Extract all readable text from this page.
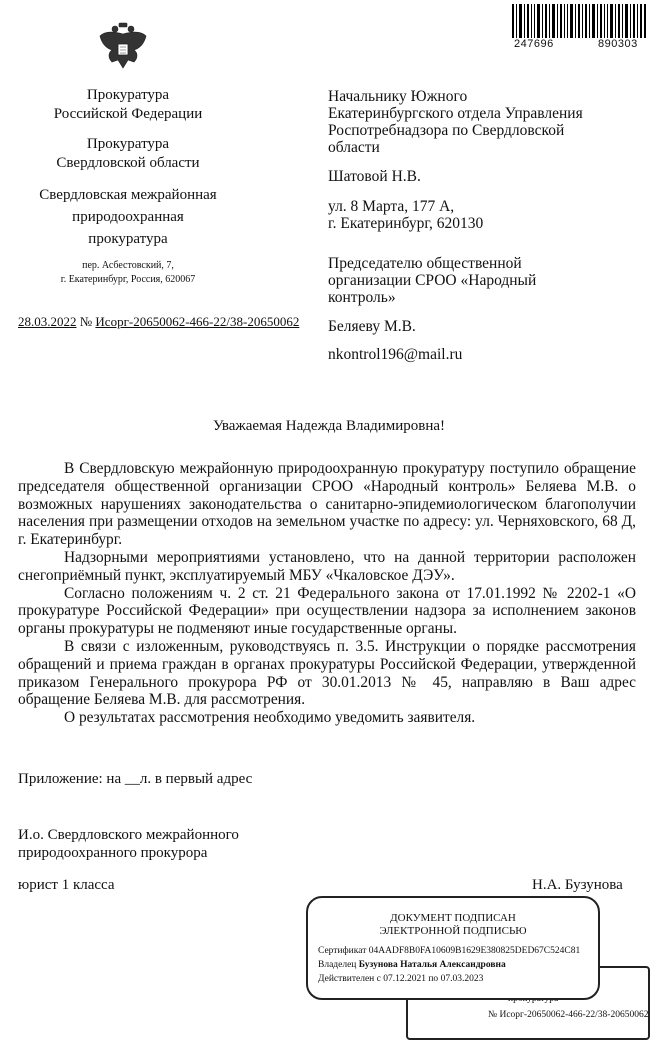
247696	890303
Прокуратура
Российской Федерации
Прокуратура
Свердловской области
Свердловская межрайонная
природоохранная
прокуратура
пер. Асбестовский, 7,
г. Екатеринбург, Россия, 620067
Начальнику Южного
Екатеринбургского отдела Управления
Роспотребнадзора по Свердловской
области
Шатовой Н.В.
ул. 8 Марта, 177 А,
г. Екатеринбург, 620130
Председателю общественной
организации СРОО «Народный
контроль»
Беляеву М.В.
nkontrol196@mail.ru
28.03.2022 № Исорг-20650062-466-22/38-20650062
Уважаемая Надежда Владимировна!

В Свердловскую межрайонную природоохранную прокуратуру поступило обращение председателя общественной организации СРОО «Народный контроль» Беляева М.В. о возможных нарушениях законодательства о санитарно-эпидемиологическом благополучии населения при размещении отходов на земельном участке по адресу: ул. Черняховского, 68 Д, г. Екатеринбург.

Надзорными мероприятиями установлено, что на данной территории расположен снегоприёмный пункт, эксплуатируемый МБУ «Чкаловское ДЭУ».

Согласно положениям ч. 2 ст. 21 Федерального закона от 17.01.1992 № 2202-1 «О прокуратуре Российской Федерации» при осуществлении надзора за исполнением законов органы прокуратуры не подменяют иные государственные органы.

В связи с изложенным, руководствуясь п. 3.5. Инструкции о порядке рассмотрения обращений и приема граждан в органах прокуратуры Российской Федерации, утвержденной приказом Генерального прокурора РФ от 30.01.2013 № 45, направляю в Ваш адрес обращение Беляева М.В. для рассмотрения.

О результатах рассмотрения необходимо уведомить заявителя.

Приложение: на __л. в первый адрес
И.о. Свердловского межрайонного
природоохранного прокурора
юрист 1 класса	Н.А. Бузунова
№ Исорг-20650062-466-22/38-20650062
ДОКУМЕНТ ПОДПИСАН
ЭЛЕКТРОННОЙ ПОДПИСЬЮ
Сертификат 04AADF8B0FA10609B1629E380825DED67C524C81
Владелец Бузунова Наталья Александровна
Действителен с 07.12.2021 по 07.03.2023
